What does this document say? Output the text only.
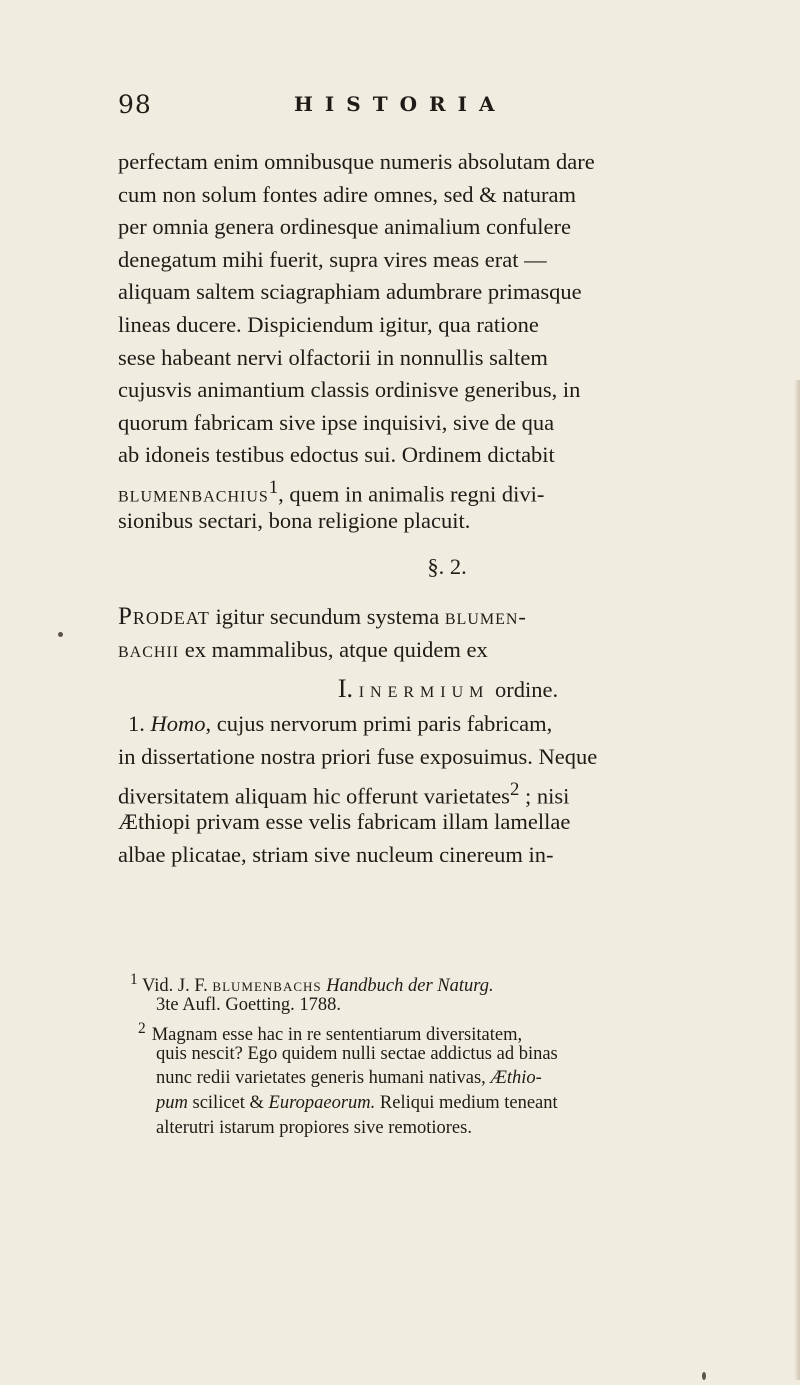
98	HISTORIA
perfectam enim omnibusque numeris absolutam dare
cum non solum fontes adire omnes, sed & naturam
per omnia genera ordinesque animalium confulere
denegatum mihi fuerit, supra vires meas erat —
aliquam saltem sciagraphiam adumbrare primasque
lineas ducere. Dispiciendum igitur, qua ratione
sese habeant nervi olfactorii in nonnullis saltem
cujusvis animantium classis ordinisve generibus, in
quorum fabricam sive ipse inquisivi, sive de qua
ab idoneis testibus edoctus sui. Ordinem dictabit
blumenbachius$^1$, quem in animalis regni divi-
sionibus sectari, bona religione placuit.
§. 2.
Prodeat igitur secundum systema blumen-
bachii ex mammalibus, atque quidem ex
I. inermium ordine.
1. Homo, cujus nervorum primi paris fabricam,
in dissertatione nostra priori fuse exposuimus. Neque
diversitatem aliquam hic offerunt varietates$^2$ ; nisi
Æthiopi privam esse velis fabricam illam lamellae
albae plicatae, striam sive nucleum cinereum in-
$^1$ Vid. J. F. blumenbachs Handbuch der Naturg.
3te Aufl. Goetting. 1788.
$^2$ Magnam esse hac in re sententiarum diversitatem,
quis nescit? Ego quidem nulli sectae addictus ad binas
nunc redii varietates generis humani nativas, Æthio-
pum scilicet & Europaeorum. Reliqui medium teneant
alterutri istarum propiores sive remotiores.
